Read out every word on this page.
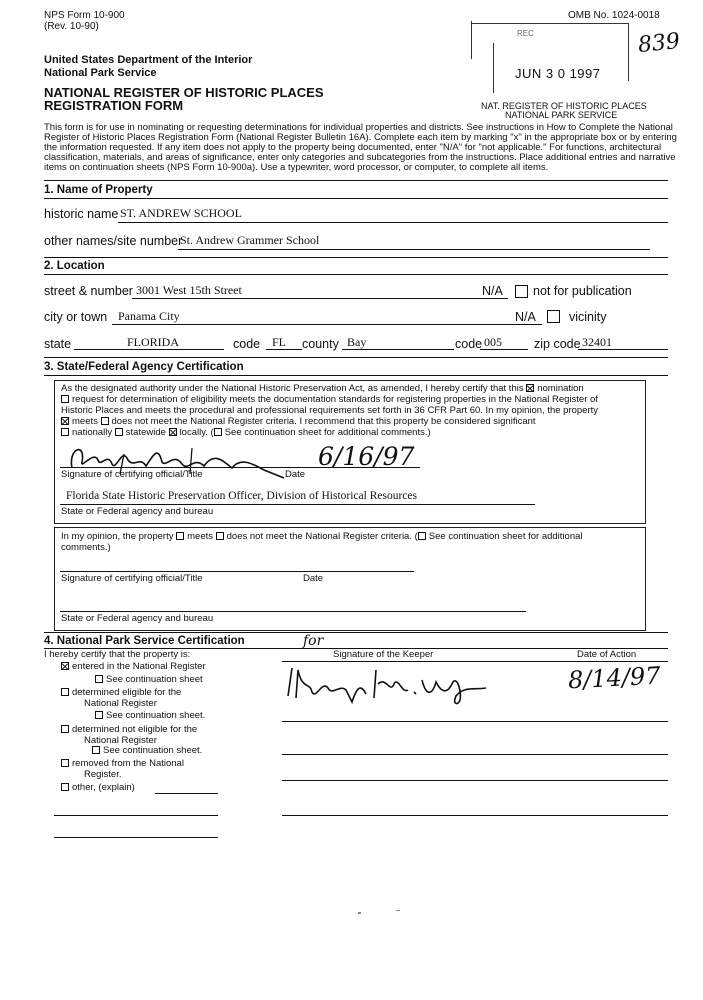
NPS Form 10-900
(Rev. 10-90)
OMB No. 1024-0018
United States Department of the Interior
National Park Service
NATIONAL REGISTER OF HISTORIC PLACES
REGISTRATION FORM
REC
JUN 3 0 1997
NAT. REGISTER OF HISTORIC PLACES
NATIONAL PARK SERVICE
839
This form is for use in nominating or requesting determinations for individual properties and districts. See instructions in How to Complete the National
Register of Historic Places Registration Form (National Register Bulletin 16A). Complete each item by marking "x" in the appropriate box or by entering
the information requested. If any item does not apply to the property being documented, enter "N/A" for "not applicable." For functions, architectural
classification, materials, and areas of significance, enter only categories and subcategories from the instructions. Place additional entries and narrative
items on continuation sheets (NPS Form 10-900a). Use a typewriter, word processor, or computer, to complete all items.
1. Name of Property
historic name ST. ANDREW SCHOOL
other names/site number
St. Andrew Grammer School
2. Location
street & number 3001 West 15th Street	N/A not for publication
city or town Panama City	N/A	vicinity
state	FLORIDA	code FL county Bay	code 005	zip code 32401
3. State/Federal Agency Certification
As the designated authority under the National Historic Preservation Act, as amended, I hereby certify that this nomination
request for determination of eligibility meets the documentation standards for registering properties in the National Register of
Historic Places and meets the procedural and professional requirements set forth in 36 CFR Part 60. In my opinion, the property
meets does not meet the National Register criteria. I recommend that this property be considered significant
nationally statewide locally. ( See continuation sheet for additional comments.)
6/16/97
Signature of certifying official/Title	Date
Florida State Historic Preservation Officer, Division of Historical Resources
State or Federal agency and bureau
In my opinion, the property meets does not meet the National Register criteria. ( See continuation sheet for additional
comments.)
Signature of certifying official/Title	Date
State or Federal agency and bureau
4. National Park Service Certification
I hereby certify that the property is:
for
Signature of the Keeper	Date of Action
8/14/97
entered in the National Register
See continuation sheet
determined eligible for the
National Register
See continuation sheet.
determined not eligible for the
National Register
See continuation sheet.
removed from the National
Register.
other, (explain)
